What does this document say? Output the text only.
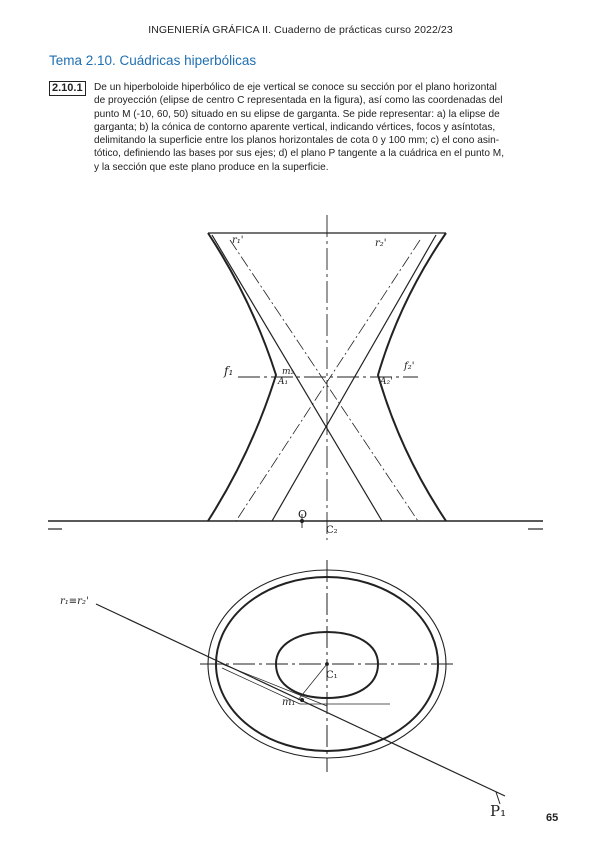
INGENIERÍA GRÁFICA II. Cuaderno de prácticas curso 2022/23
Tema 2.10. Cuádricas hiperbólicas
2.10.1 De un hiperboloide hiperbólico de eje vertical se conoce su sección por el plano horizontal
de proyección (elipse de centro C representada en la figura), así como las coordenadas del
punto M (-10, 60, 50) situado en su elipse de garganta. Se pide representar: a) la elipse de
garganta; b) la cónica de contorno aparente vertical, indicando vértices, focos y asíntotas,
delimitando la superficie entre los planos horizontales de cota 0 y 100 mm; c) el cono asin-
tótico, definiendo las bases por sus ejes; d) el plano P tangente a la cuádrica en el punto M,
y la sección que este plano produce en la superficie.
r₁'	r₂'
f₁	f₂'
m₂
A₁	A₂'
O
C₂
r₁≡r₂'
C₁
m₁
P₁	65
